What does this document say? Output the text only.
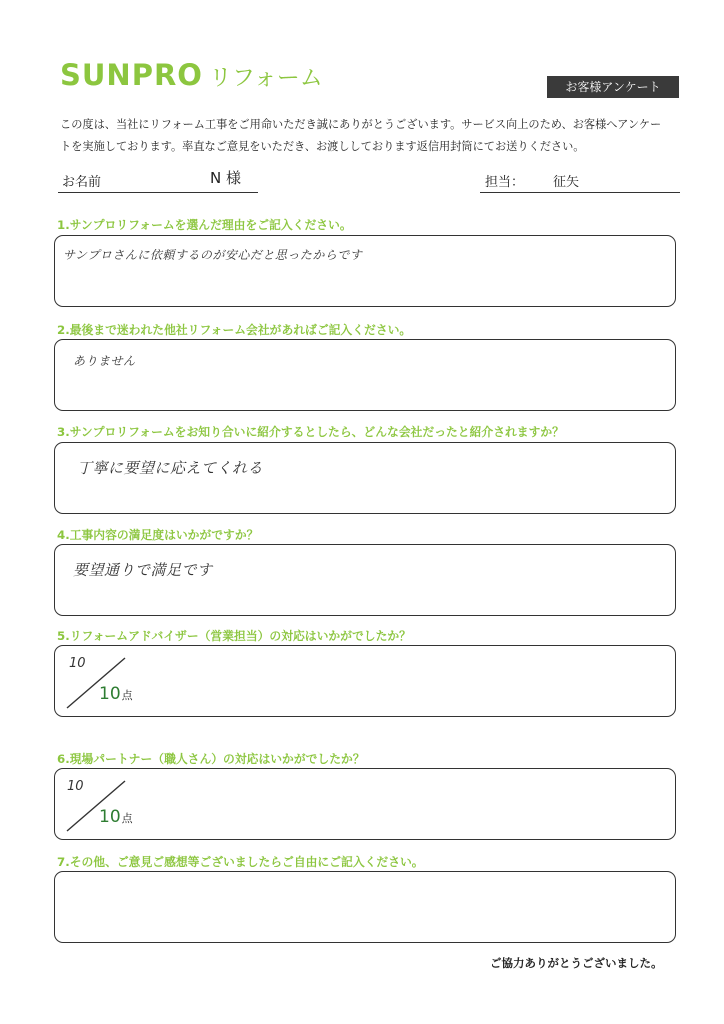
SUNPRO リフォーム	お客様アンケート

この度は、当社にリフォーム工事をご用命いただき誠にありがとうございます。サービス向上のため、お客様へアンケー

トを実施しております。率直なご意見をいただき、お渡ししております返信用封筒にてお送りください。

お名前	N 様	担当： 征矢
1.サンプロリフォームを選んだ理由をご記入ください。
サンプロさんに依頼するのが安心だと思ったからです
2.最後まで迷われた他社リフォーム会社があればご記入ください。
ありません
3.サンプロリフォームをお知り合いに紹介するとしたら、どんな会社だったと紹介されますか？
丁寧に要望に応えてくれる
4.工事内容の満足度はいかがですか？
要望通りで満足です
5.リフォームアドバイザー（営業担当）の対応はいかがでしたか？
10
10点
6.現場パートナー（職人さん）の対応はいかがでしたか？
10
10点
7.その他、ご意見ご感想等ございましたらご自由にご記入ください。
ご協力ありがとうございました。
